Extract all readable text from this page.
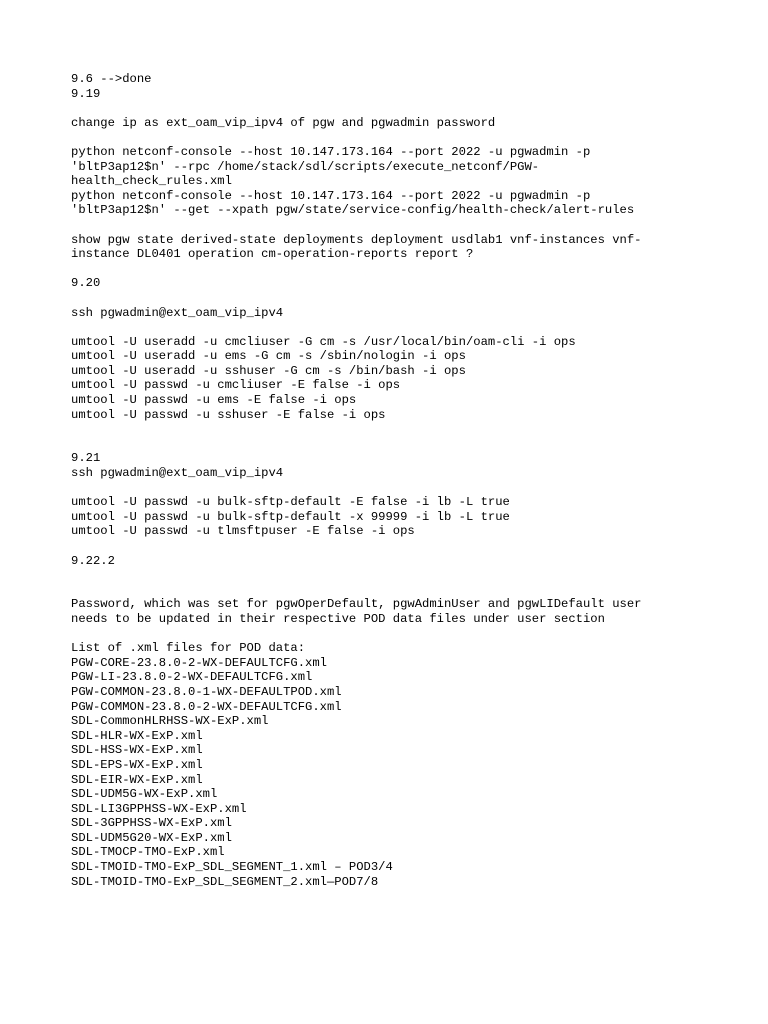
9.6 -->done
9.19
change ip as ext_oam_vip_ipv4 of pgw and pgwadmin password
python netconf-console --host 10.147.173.164 --port 2022 -u pgwadmin -p
'bltP3ap12$n' --rpc /home/stack/sdl/scripts/execute_netconf/PGW-
health_check_rules.xml
python netconf-console --host 10.147.173.164 --port 2022 -u pgwadmin -p
'bltP3ap12$n' --get --xpath pgw/state/service-config/health-check/alert-rules
show pgw state derived-state deployments deployment usdlab1 vnf-instances vnf-
instance DL0401 operation cm-operation-reports report ?
9.20
ssh pgwadmin@ext_oam_vip_ipv4
umtool -U useradd -u cmcliuser -G cm -s /usr/local/bin/oam-cli -i ops
umtool -U useradd -u ems -G cm -s /sbin/nologin -i ops
umtool -U useradd -u sshuser -G cm -s /bin/bash -i ops
umtool -U passwd -u cmcliuser -E false -i ops
umtool -U passwd -u ems -E false -i ops
umtool -U passwd -u sshuser -E false -i ops
9.21
ssh pgwadmin@ext_oam_vip_ipv4
umtool -U passwd -u bulk-sftp-default -E false -i lb -L true
umtool -U passwd -u bulk-sftp-default -x 99999 -i lb -L true
umtool -U passwd -u tlmsftpuser -E false -i ops
9.22.2
Password, which was set for pgwOperDefault, pgwAdminUser and pgwLIDefault user
needs to be updated in their respective POD data files under user section
List of .xml files for POD data:
PGW-CORE-23.8.0-2-WX-DEFAULTCFG.xml
PGW-LI-23.8.0-2-WX-DEFAULTCFG.xml
PGW-COMMON-23.8.0-1-WX-DEFAULTPOD.xml
PGW-COMMON-23.8.0-2-WX-DEFAULTCFG.xml
SDL-CommonHLRHSS-WX-ExP.xml
SDL-HLR-WX-ExP.xml
SDL-HSS-WX-ExP.xml
SDL-EPS-WX-ExP.xml
SDL-EIR-WX-ExP.xml
SDL-UDM5G-WX-ExP.xml
SDL-LI3GPPHSS-WX-ExP.xml
SDL-3GPPHSS-WX-ExP.xml
SDL-UDM5G20-WX-ExP.xml
SDL-TMOCP-TMO-ExP.xml
SDL-TMOID-TMO-ExP_SDL_SEGMENT_1.xml – POD3/4
SDL-TMOID-TMO-ExP_SDL_SEGMENT_2.xml—POD7/8
